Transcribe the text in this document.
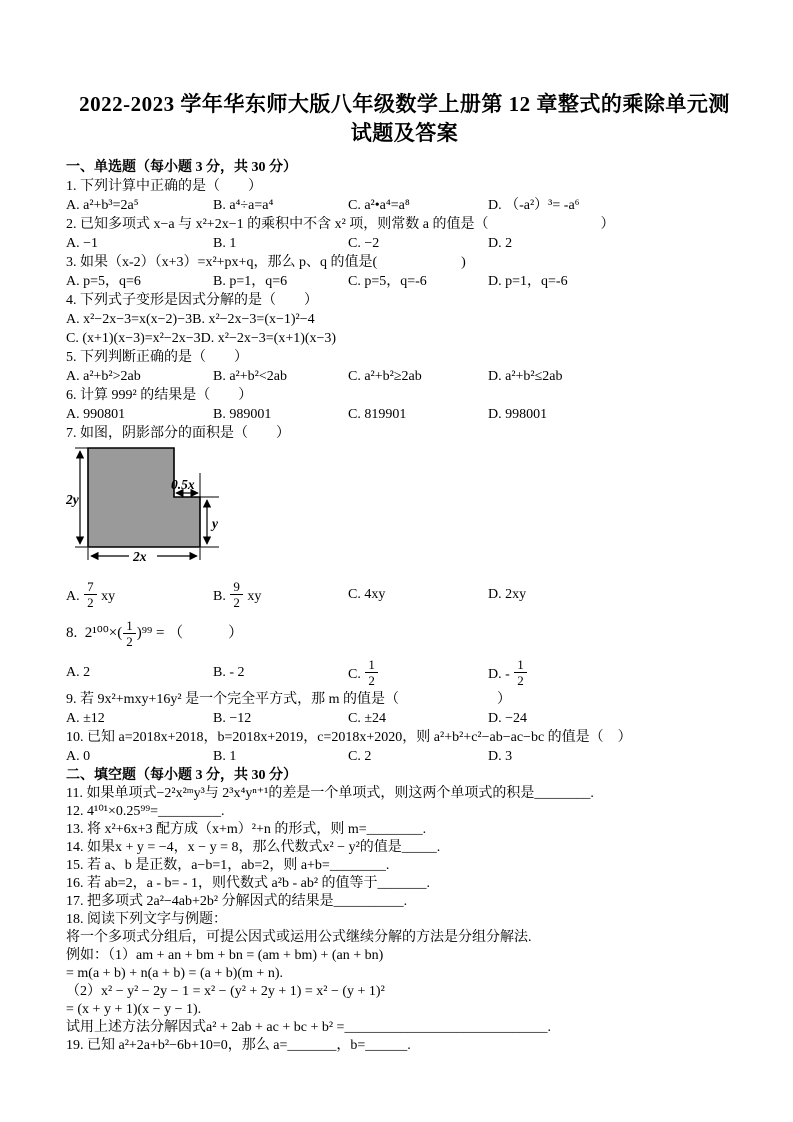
2022-2023 学年华东师大版八年级数学上册第 12 章整式的乘除单元测
试题及答案
一、单选题（每小题 3 分，共 30 分）
1. 下列计算中正确的是（　　）
A. a²+b³=2a⁵	B. a⁴÷a=a⁴	C. a²•a⁴=a⁸	D. （-a²）³= -a⁶
2. 已知多项式 x−a 与 x²+2x−1 的乘积中不含 x² 项，则常数 a 的值是（　　　　　　　　）
A. −1	B. 1	C. −2	D. 2
3. 如果（x-2）（x+3）=x²+px+q，那么 p、q 的值是(　　　　　　)
A. p=5，q=6	B. p=1，q=6	C. p=5，q=-6	D. p=1，q=-6
4. 下列式子变形是因式分解的是（　　）
A. x²−2x−3=x(x−2)−3B. x²−2x−3=(x−1)²−4
C. (x+1)(x−3)=x²−2x−3D. x²−2x−3=(x+1)(x−3)
5. 下列判断正确的是（　　）
A. a²+b²>2ab	B. a²+b²<2ab	C. a²+b²≥2ab	D. a²+b²≤2ab
6. 计算 999² 的结果是（　　）
A. 990801	B. 989001	C. 819901	D. 998001
7. 如图，阴影部分的面积是（　　）
2y
0.5x
y
2x
A. $\frac{7}{2}$ xy	B. $\frac{9}{2}$ xy	C. 4xy	D. 2xy
8.  $2^{100}\times( \frac{1}{2} )^{99}$ = （　　　）
A. 2	B. - 2	C. $\frac{1}{2}$	D. - $\frac{1}{2}$
9. 若 9x²+mxy+16y² 是一个完全平方式，那 m 的值是（　　　　　　　）
A. ±12	B. −12	C. ±24	D. −24
10. 已知 a=2018x+2018，b=2018x+2019，c=2018x+2020，则 a²+b²+c²−ab−ac−bc 的值是（　）
A. 0	B. 1	C. 2	D. 3
二、填空题（每小题 3 分，共 30 分）
11. 如果单项式−2²x²ᵐy³与 2³x⁴yⁿ⁺¹的差是一个单项式，则这两个单项式的积是________.
12. 4¹⁰¹×0.25⁹⁹=_________.
13. 将 x²+6x+3 配方成（x+m）²+n 的形式，则 m=________.
14. 如果x + y = −4，x − y = 8，那么代数式x² − y²的值是_____.
15. 若 a、b 是正数，a−b=1，ab=2，则 a+b=________.
16. 若 ab=2，a - b= - 1，则代数式 a²b - ab² 的值等于_______.
17. 把多项式 2a²−4ab+2b² 分解因式的结果是__________.
18. 阅读下列文字与例题：
将一个多项式分组后，可提公因式或运用公式继续分解的方法是分组分解法.
例如：（1）am + an + bm + bn = (am + bm) + (an + bn)
= m(a + b) + n(a + b) = (a + b)(m + n).
（2）x² − y² − 2y − 1 = x² − (y² + 2y + 1) = x² − (y + 1)²
= (x + y + 1)(x − y − 1).
试用上述方法分解因式a² + 2ab + ac + bc + b² =_____________________________.
19. 已知 a²+2a+b²−6b+10=0，那么 a=_______，b=______.
